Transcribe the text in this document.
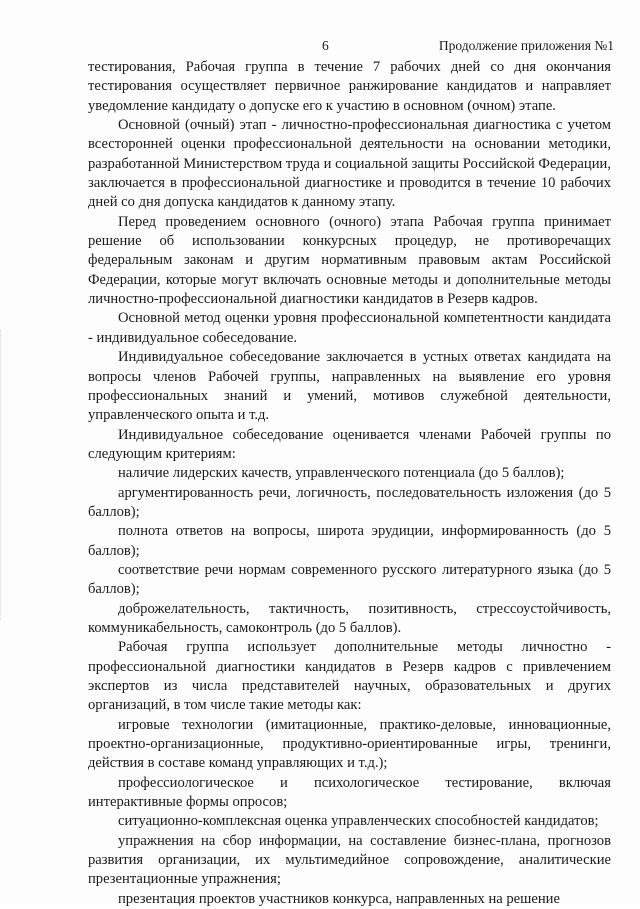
6	Продолжение приложения №1

тестирования, Рабочая группа в течение 7 рабочих дней со дня окончания тестирования осуществляет первичное ранжирование кандидатов и направляет уведомление кандидату о допуске его к участию в основном (очном) этапе.

Основной (очный) этап - личностно-профессиональная диагностика с учетом всесторонней оценки профессиональной деятельности на основании методики, разработанной Министерством труда и социальной защиты Российской Федерации, заключается в профессиональной диагностике и проводится в течение 10 рабочих дней со дня допуска кандидатов к данному этапу.

Перед проведением основного (очного) этапа Рабочая группа принимает решение об использовании конкурсных процедур, не противоречащих федеральным законам и другим нормативным правовым актам Российской Федерации, которые могут включать основные методы и дополнительные методы личностно-профессиональной диагностики кандидатов в Резерв кадров.

Основной метод оценки уровня профессиональной компетентности кандидата - индивидуальное собеседование.

Индивидуальное собеседование заключается в устных ответах кандидата на вопросы членов Рабочей группы, направленных на выявление его уровня профессиональных знаний и умений, мотивов служебной деятельности, управленческого опыта и т.д.

Индивидуальное собеседование оценивается членами Рабочей группы по следующим критериям:

наличие лидерских качеств, управленческого потенциала (до 5 баллов);

аргументированность речи, логичность, последовательность изложения (до 5 баллов);

полнота ответов на вопросы, широта эрудиции, информированность (до 5 баллов);

соответствие речи нормам современного русского литературного языка (до 5 баллов);

доброжелательность, тактичность, позитивность, стрессоустойчивость, коммуникабельность, самоконтроль (до 5 баллов).

Рабочая группа использует дополнительные методы личностно - профессиональной диагностики кандидатов в Резерв кадров с привлечением экспертов из числа представителей научных, образовательных и других организаций, в том числе такие методы как:

игровые технологии (имитационные, практико-деловые, инновационные, проектно-организационные, продуктивно-ориентированные игры, тренинги, действия в составе команд управляющих и т.д.);

профессиологическое и психологическое тестирование, включая интерактивные формы опросов;

ситуационно-комплексная оценка управленческих способностей кандидатов;

упражнения на сбор информации, на составление бизнес-плана, прогнозов развития организации, их мультимедийное сопровождение, аналитические презентационные упражнения;

презентация проектов участников конкурса, направленных на решение
